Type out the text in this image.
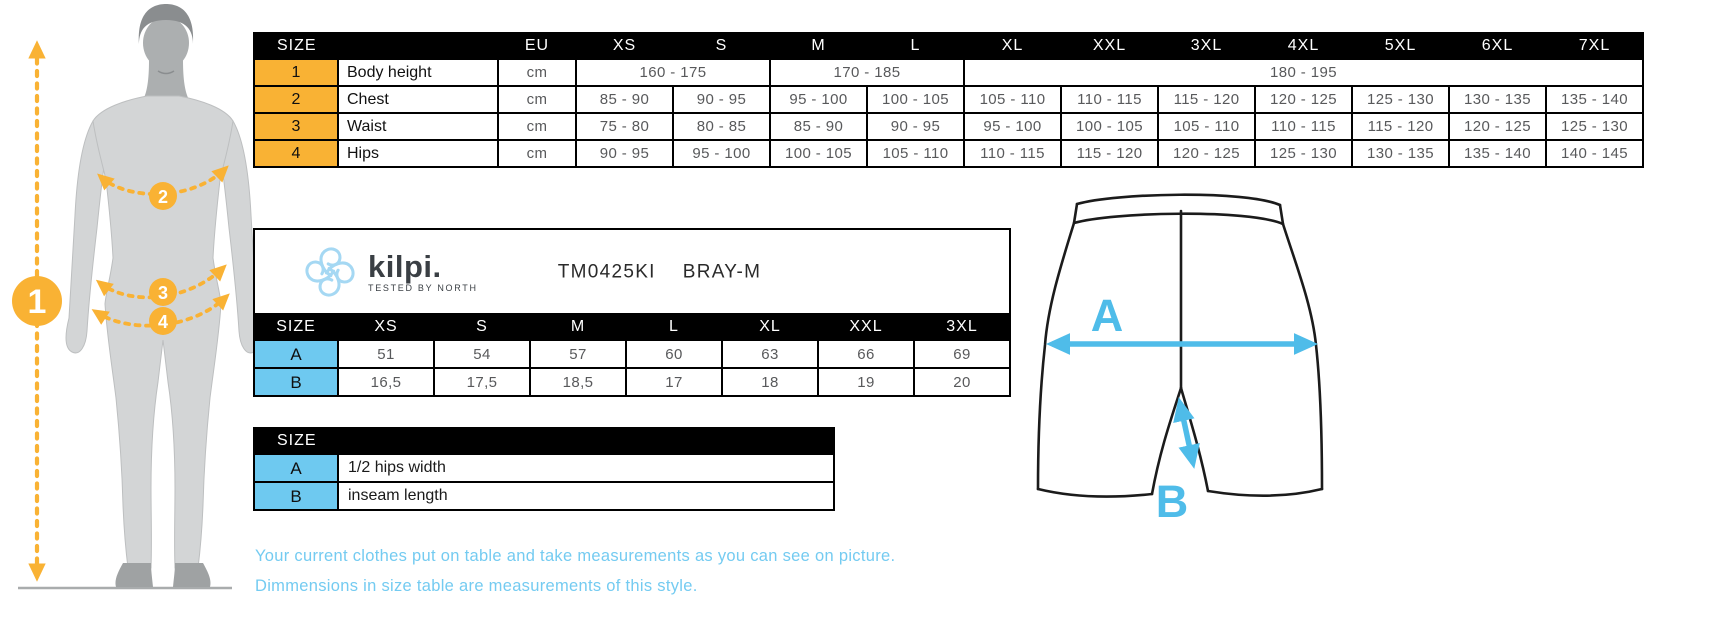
1
2
3
4
SIZE		EU	XS	S	M	L	XL	XXL	3XL	4XL	5XL	6XL	7XL
1	Body height	cm	160 - 175		170 - 185		180 - 195						
2	Chest	cm	85 - 90	90 - 95	95 - 100	100 - 105	105 - 110	110 - 115	115 - 120	120 - 125	125 - 130	130 - 135	135 - 140
3	Waist	cm	75 - 80	80 - 85	85 - 90	90 - 95	95 - 100	100 - 105	105 - 110	110 - 115	115 - 120	120 - 125	125 - 130
4	Hips	cm	90 - 95	95 - 100	100 - 105	105 - 110	110 - 115	115 - 120	120 - 125	125 - 130	130 - 135	135 - 140	140 - 145
kilpi.
TESTED BY NORTH
TM0425KI BRAY-M							

SIZE	XS	S	M	L	XL	XXL	3XL
A	51	54	57	60	63	66	69
B	16,5	17,5	18,5	17	18	19	20
SIZE	
A	1/2 hips width
B	inseam length
A
B
Your current clothes put on table and take measurements as you can see on picture.
Dimmensions in size table are measurements of this style.
